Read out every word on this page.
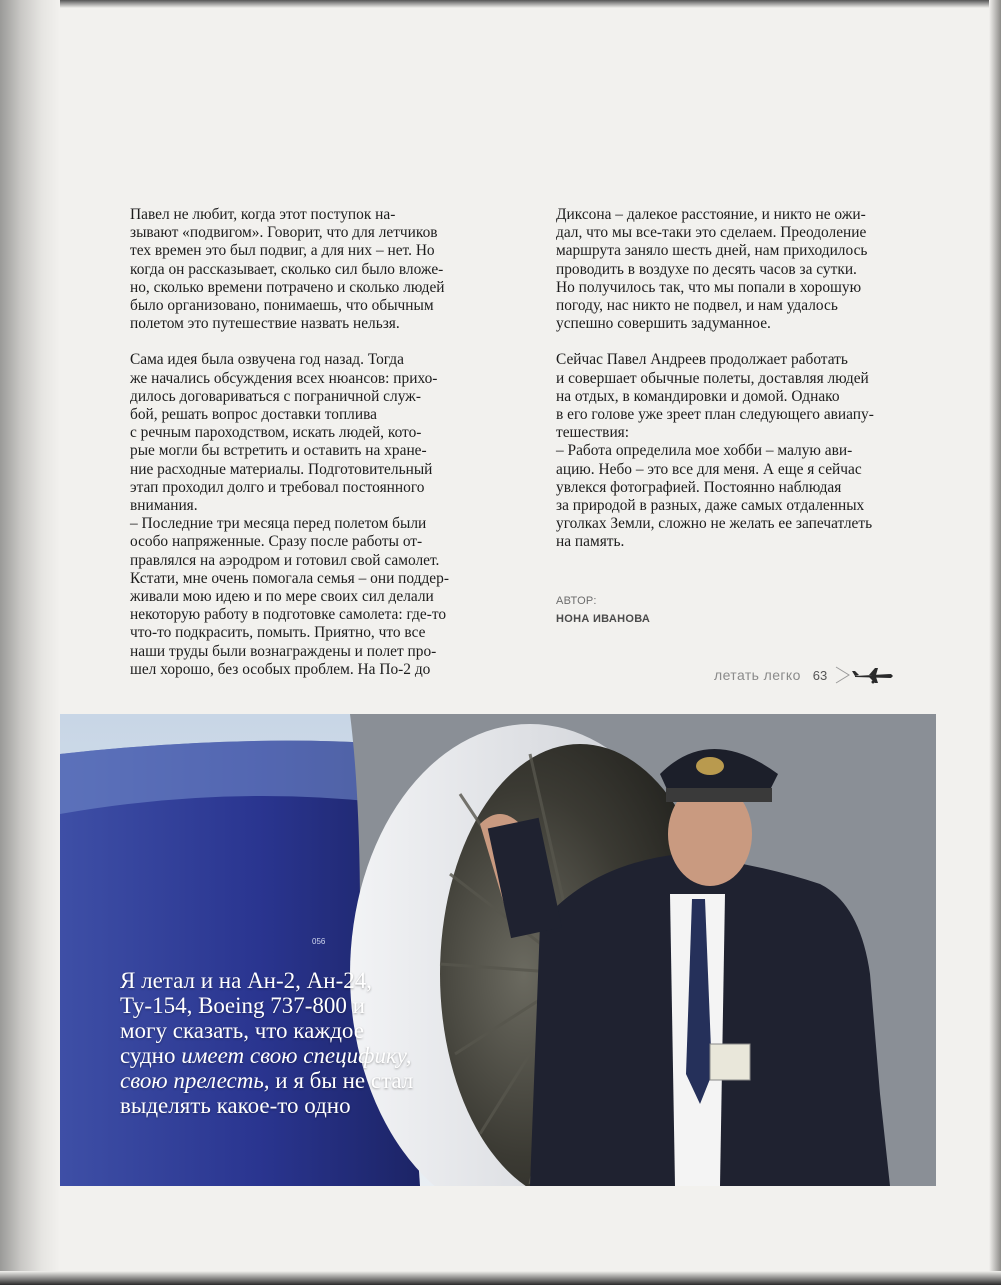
Павел не любит, когда этот поступок на-
зывают «подвигом». Говорит, что для летчиков
тех времен это был подвиг, а для них – нет. Но
когда он рассказывает, сколько сил было вложе-
но, сколько времени потрачено и сколько людей
было организовано, понимаешь, что обычным
полетом это путешествие назвать нельзя.

Сама идея была озвучена год назад. Тогда
же начались обсуждения всех нюансов: прихо-
дилось договариваться с пограничной служ-
бой, решать вопрос доставки топлива
с речным пароходством, искать людей, кото-
рые могли бы встретить и оставить на хране-
ние расходные материалы. Подготовительный
этап проходил долго и требовал постоянного
внимания.

– Последние три месяца перед полетом были
особо напряженные. Сразу после работы от-
правлялся на аэродром и готовил свой самолет.
Кстати, мне очень помогала семья – они поддер-
живали мою идею и по мере своих сил делали
некоторую работу в подготовке самолета: где-то
что-то подкрасить, помыть. Приятно, что все
наши труды были вознаграждены и полет про-
шел хорошо, без особых проблем. На По-2 до

Диксона – далекое расстояние, и никто не ожи-
дал, что мы все-таки это сделаем. Преодоление
маршрута заняло шесть дней, нам приходилось
проводить в воздухе по десять часов за сутки.
Но получилось так, что мы попали в хорошую
погоду, нас никто не подвел, и нам удалось
успешно совершить задуманное.

Сейчас Павел Андреев продолжает работать
и совершает обычные полеты, доставляя людей
на отдых, в командировки и домой. Однако
в его голове уже зреет план следующего авиапу-
тешествия:

– Работа определила мое хобби – малую ави-
ацию. Небо – это все для меня. А еще я сейчас
увлекся фотографией. Постоянно наблюдая
за природой в разных, даже самых отдаленных
уголках Земли, сложно не желать ее запечатлеть
на память.

АВТОР:
НОНА ИВАНОВА

летать легко 63
056
Я летал и на Ан-2, Ан-24,
Ту-154, Boeing 737-800 и
могу сказать, что каждое
судно имеет свою специфику,
свою прелесть, и я бы не стал
выделять какое-то одно
